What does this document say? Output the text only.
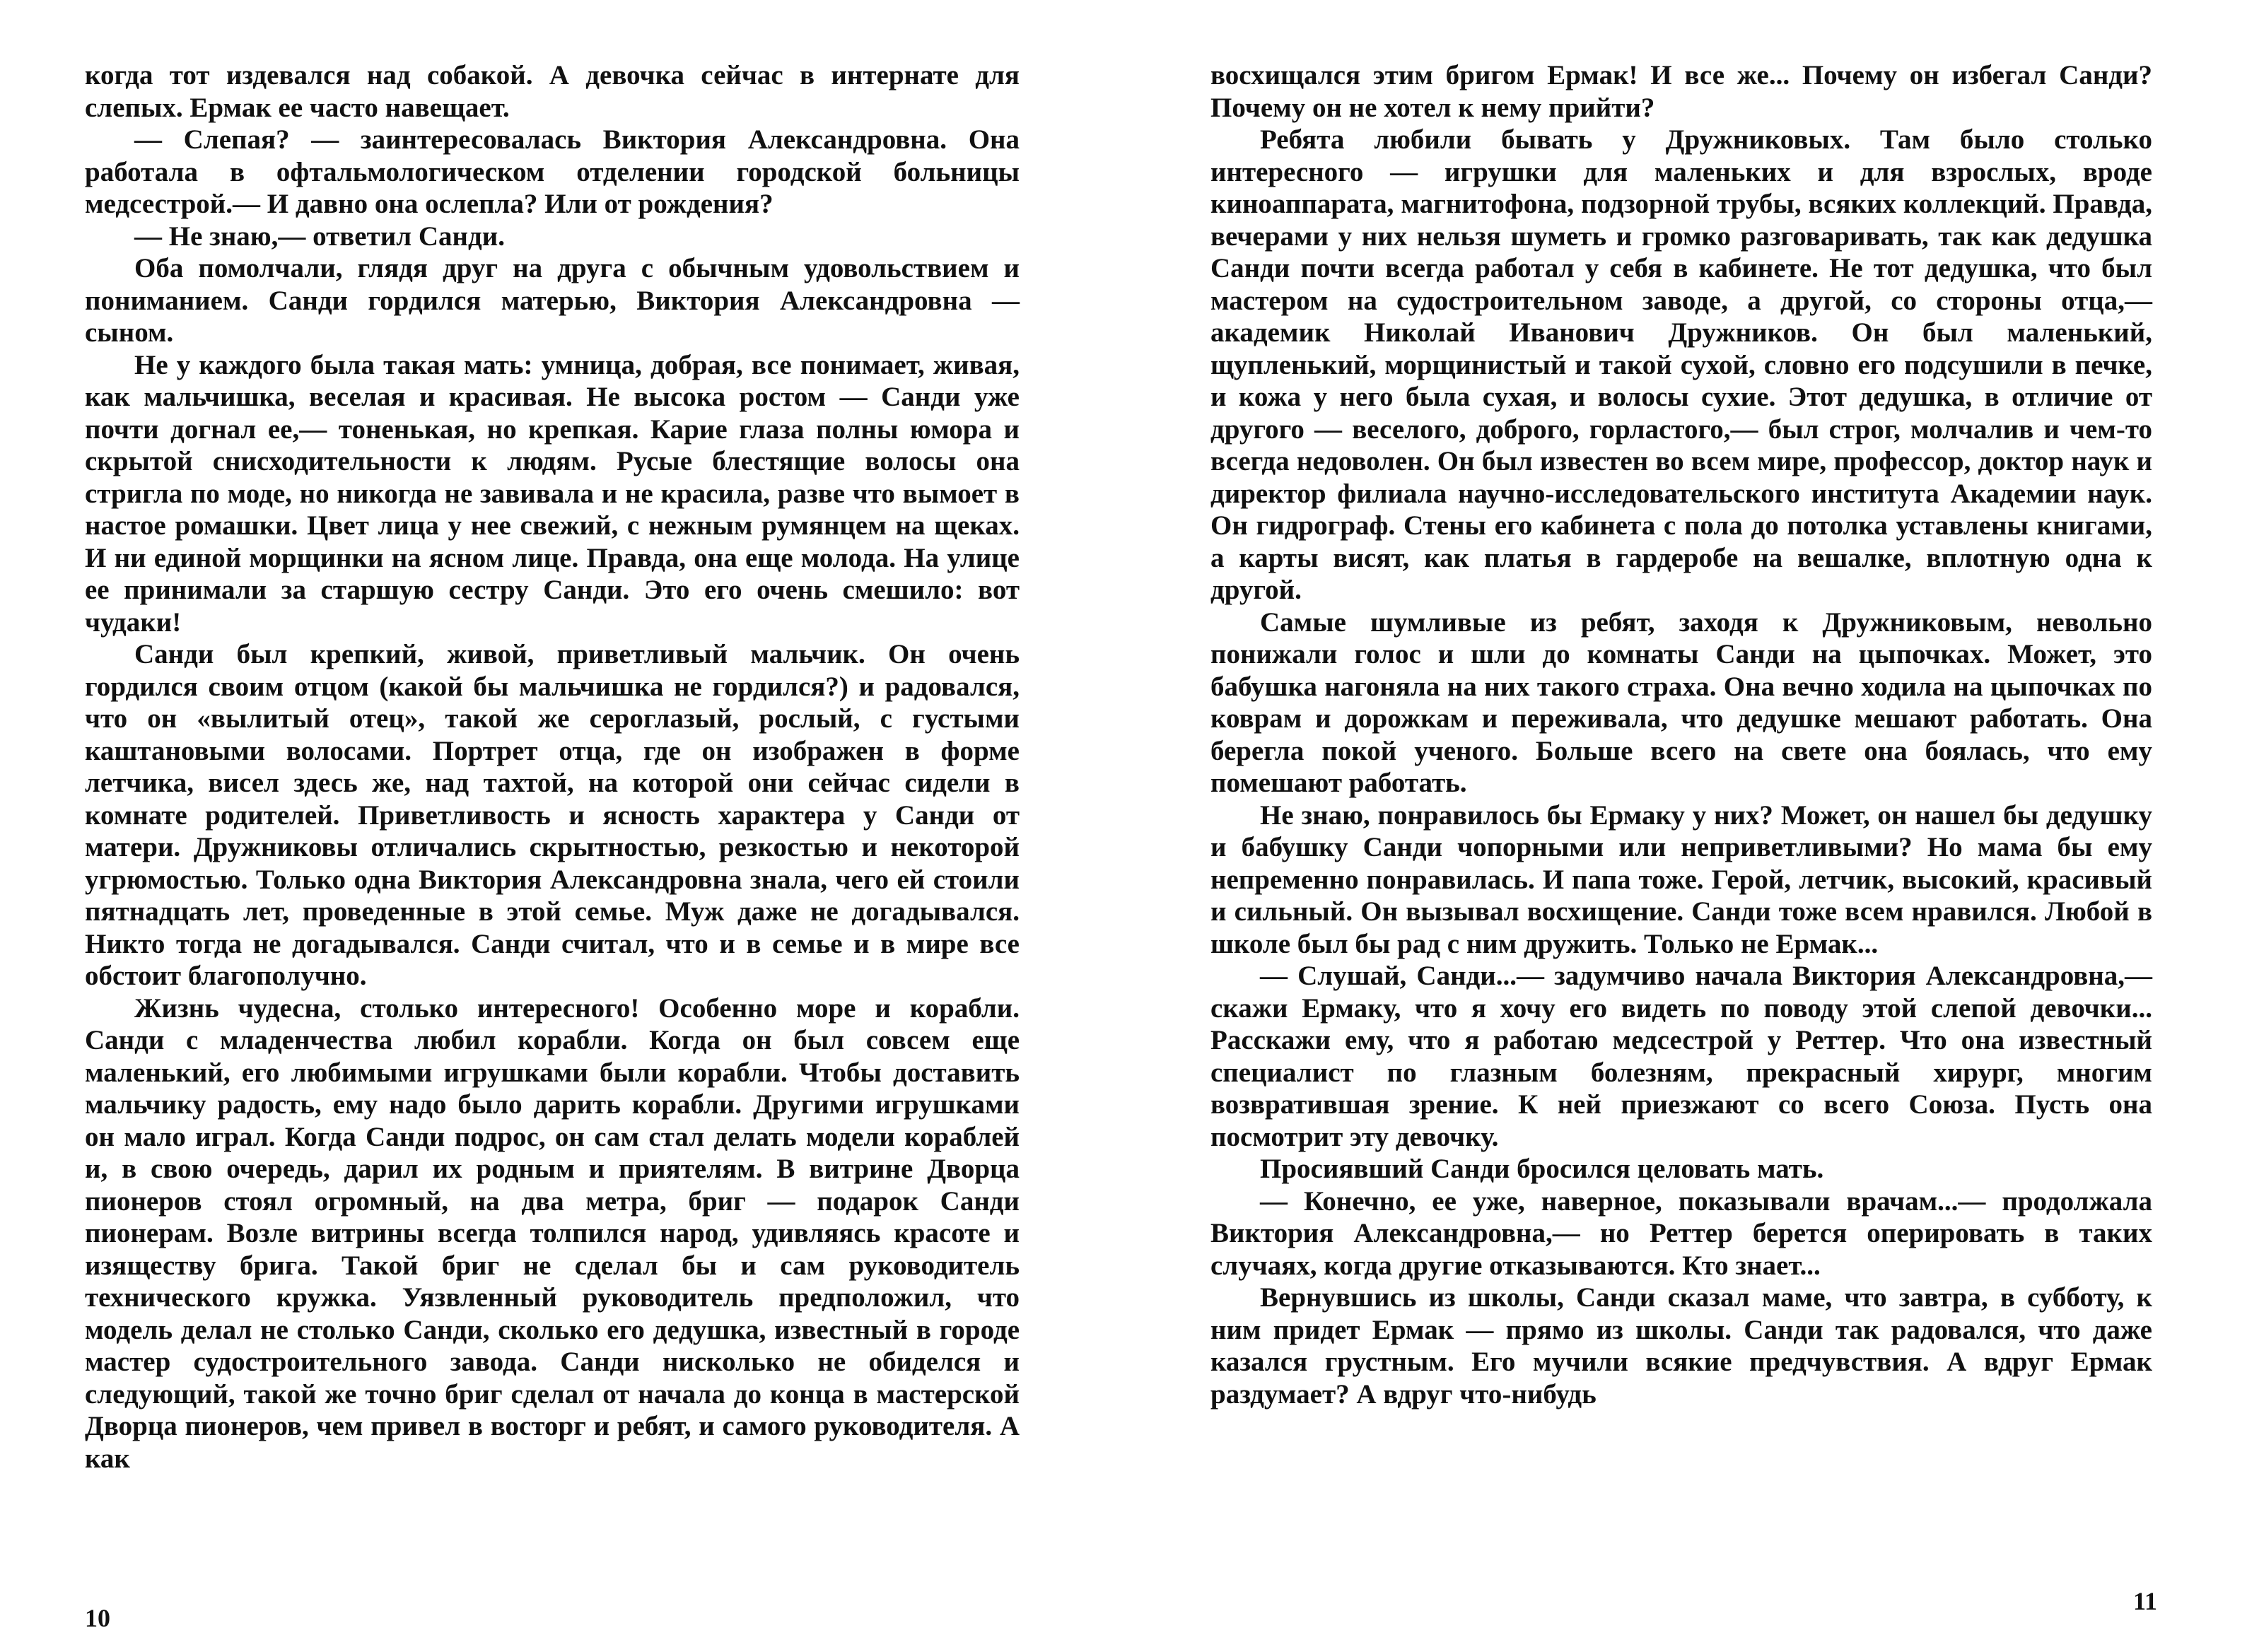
когда тот издевался над собакой. А девочка сейчас в интернате для слепых. Ермак ее часто навещает.

— Слепая? — заинтересовалась Виктория Александровна. Она работала в офтальмологическом отделении городской больницы медсестрой.— И давно она ослепла? Или от рождения?

— Не знаю,— ответил Санди.

Оба помолчали, глядя друг на друга с обычным удовольствием и пониманием. Санди гордился матерью, Виктория Александровна — сыном.

Не у каждого была такая мать: умница, добрая, все понимает, живая, как мальчишка, веселая и красивая. Не высока ростом — Санди уже почти догнал ее,— тоненькая, но крепкая. Карие глаза полны юмора и скрытой снисходительности к людям. Русые блестящие волосы она стригла по моде, но никогда не завивала и не красила, разве что вымоет в настое ромашки. Цвет лица у нее свежий, с нежным румянцем на щеках. И ни единой морщинки на ясном лице. Правда, она еще молода. На улице ее принимали за старшую сестру Санди. Это его очень смешило: вот чудаки!

Санди был крепкий, живой, приветливый мальчик. Он очень гордился своим отцом (какой бы мальчишка не гордился?) и радовался, что он «вылитый отец», такой же сероглазый, рослый, с густыми каштановыми волосами. Портрет отца, где он изображен в форме летчика, висел здесь же, над тахтой, на которой они сейчас сидели в комнате родителей. Приветливость и ясность характера у Санди от матери. Дружниковы отличались скрытностью, резкостью и некоторой угрюмостью. Только одна Виктория Александровна знала, чего ей стоили пятнадцать лет, проведенные в этой семье. Муж даже не догадывался. Никто тогда не догадывался. Санди считал, что и в семье и в мире все обстоит благополучно.

Жизнь чудесна, столько интересного! Особенно море и корабли. Санди с младенчества любил корабли. Когда он был совсем еще маленький, его любимыми игрушками были корабли. Чтобы доставить мальчику радость, ему надо было дарить корабли. Другими игрушками он мало играл. Когда Санди подрос, он сам стал делать модели кораблей и, в свою очередь, дарил их родным и приятелям. В витрине Дворца пионеров стоял огромный, на два метра, бриг — подарок Санди пионерам. Возле витрины всегда толпился народ, удивляясь красоте и изяществу брига. Такой бриг не сделал бы и сам руководитель технического кружка. Уязвленный руководитель предположил, что модель делал не столько Санди, сколько его дедушка, известный в городе мастер судостроительного завода. Санди нисколько не обиделся и следующий, такой же точно бриг сделал от начала до конца в мастерской Дворца пионеров, чем привел в восторг и ребят, и самого руководителя. А как

10

восхищался этим бригом Ермак! И все же... Почему он избегал Санди? Почему он не хотел к нему прийти?

Ребята любили бывать у Дружниковых. Там было столько интересного — игрушки для маленьких и для взрослых, вроде киноаппарата, магнитофона, подзорной трубы, всяких коллекций. Правда, вечерами у них нельзя шуметь и громко разговаривать, так как дедушка Санди почти всегда работал у себя в кабинете. Не тот дедушка, что был мастером на судостроительном заводе, а другой, со стороны отца,— академик Николай Иванович Дружников. Он был маленький, щупленький, морщинистый и такой сухой, словно его подсушили в печке, и кожа у него была сухая, и волосы сухие. Этот дедушка, в отличие от другого — веселого, доброго, горластого,— был строг, молчалив и чем-то всегда недоволен. Он был известен во всем мире, профессор, доктор наук и директор филиала научно-исследовательского института Академии наук. Он гидрограф. Стены его кабинета с пола до потолка уставлены книгами, а карты висят, как платья в гардеробе на вешалке, вплотную одна к другой.

Самые шумливые из ребят, заходя к Дружниковым, невольно понижали голос и шли до комнаты Санди на цыпочках. Может, это бабушка нагоняла на них такого страха. Она вечно ходила на цыпочках по коврам и дорожкам и переживала, что дедушке мешают работать. Она берегла покой ученого. Больше всего на свете она боялась, что ему помешают работать.

Не знаю, понравилось бы Ермаку у них? Может, он нашел бы дедушку и бабушку Санди чопорными или неприветливыми? Но мама бы ему непременно понравилась. И папа тоже. Герой, летчик, высокий, красивый и сильный. Он вызывал восхищение. Санди тоже всем нравился. Любой в школе был бы рад с ним дружить. Только не Ермак...

— Слушай, Санди...— задумчиво начала Виктория Александровна,— скажи Ермаку, что я хочу его видеть по поводу этой слепой девочки... Расскажи ему, что я работаю медсестрой у Реттер. Что она известный специалист по глазным болезням, прекрасный хирург, многим возвратившая зрение. К ней приезжают со всего Союза. Пусть она посмотрит эту девочку.

Просиявший Санди бросился целовать мать.

— Конечно, ее уже, наверное, показывали врачам...— продолжала Виктория Александровна,— но Реттер берется оперировать в таких случаях, когда другие отказываются. Кто знает...

Вернувшись из школы, Санди сказал маме, что завтра, в субботу, к ним придет Ермак — прямо из школы. Санди так радовался, что даже казался грустным. Его мучили всякие предчувствия. А вдруг Ермак раздумает? А вдруг что-нибудь

11
